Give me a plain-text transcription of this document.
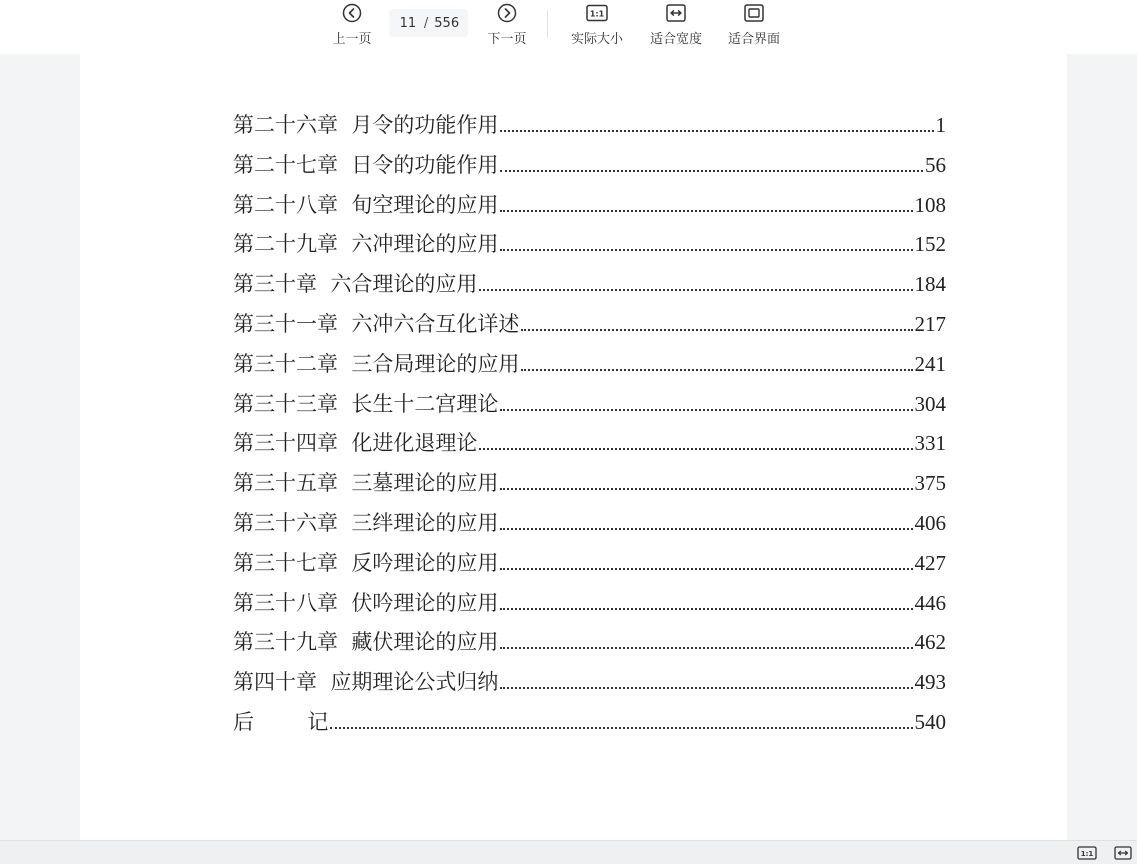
上一页
11 / 556
下一页
1:1
实际大小 适合宽度 适合界面
第二十六章  月令的功能作用	1
第二十七章  日令的功能作用	56
第二十八章  旬空理论的应用	108
第二十九章  六冲理论的应用	152
第三十章  六合理论的应用	184
第三十一章  六冲六合互化详述	217
第三十二章  三合局理论的应用	241
第三十三章  长生十二宫理论	304
第三十四章  化进化退理论	331
第三十五章  三墓理论的应用	375
第三十六章  三绊理论的应用	406
第三十七章  反吟理论的应用	427
第三十八章  伏吟理论的应用	446
第三十九章  藏伏理论的应用	462
第四十章  应期理论公式归纳	493
后        记	540
1:1
